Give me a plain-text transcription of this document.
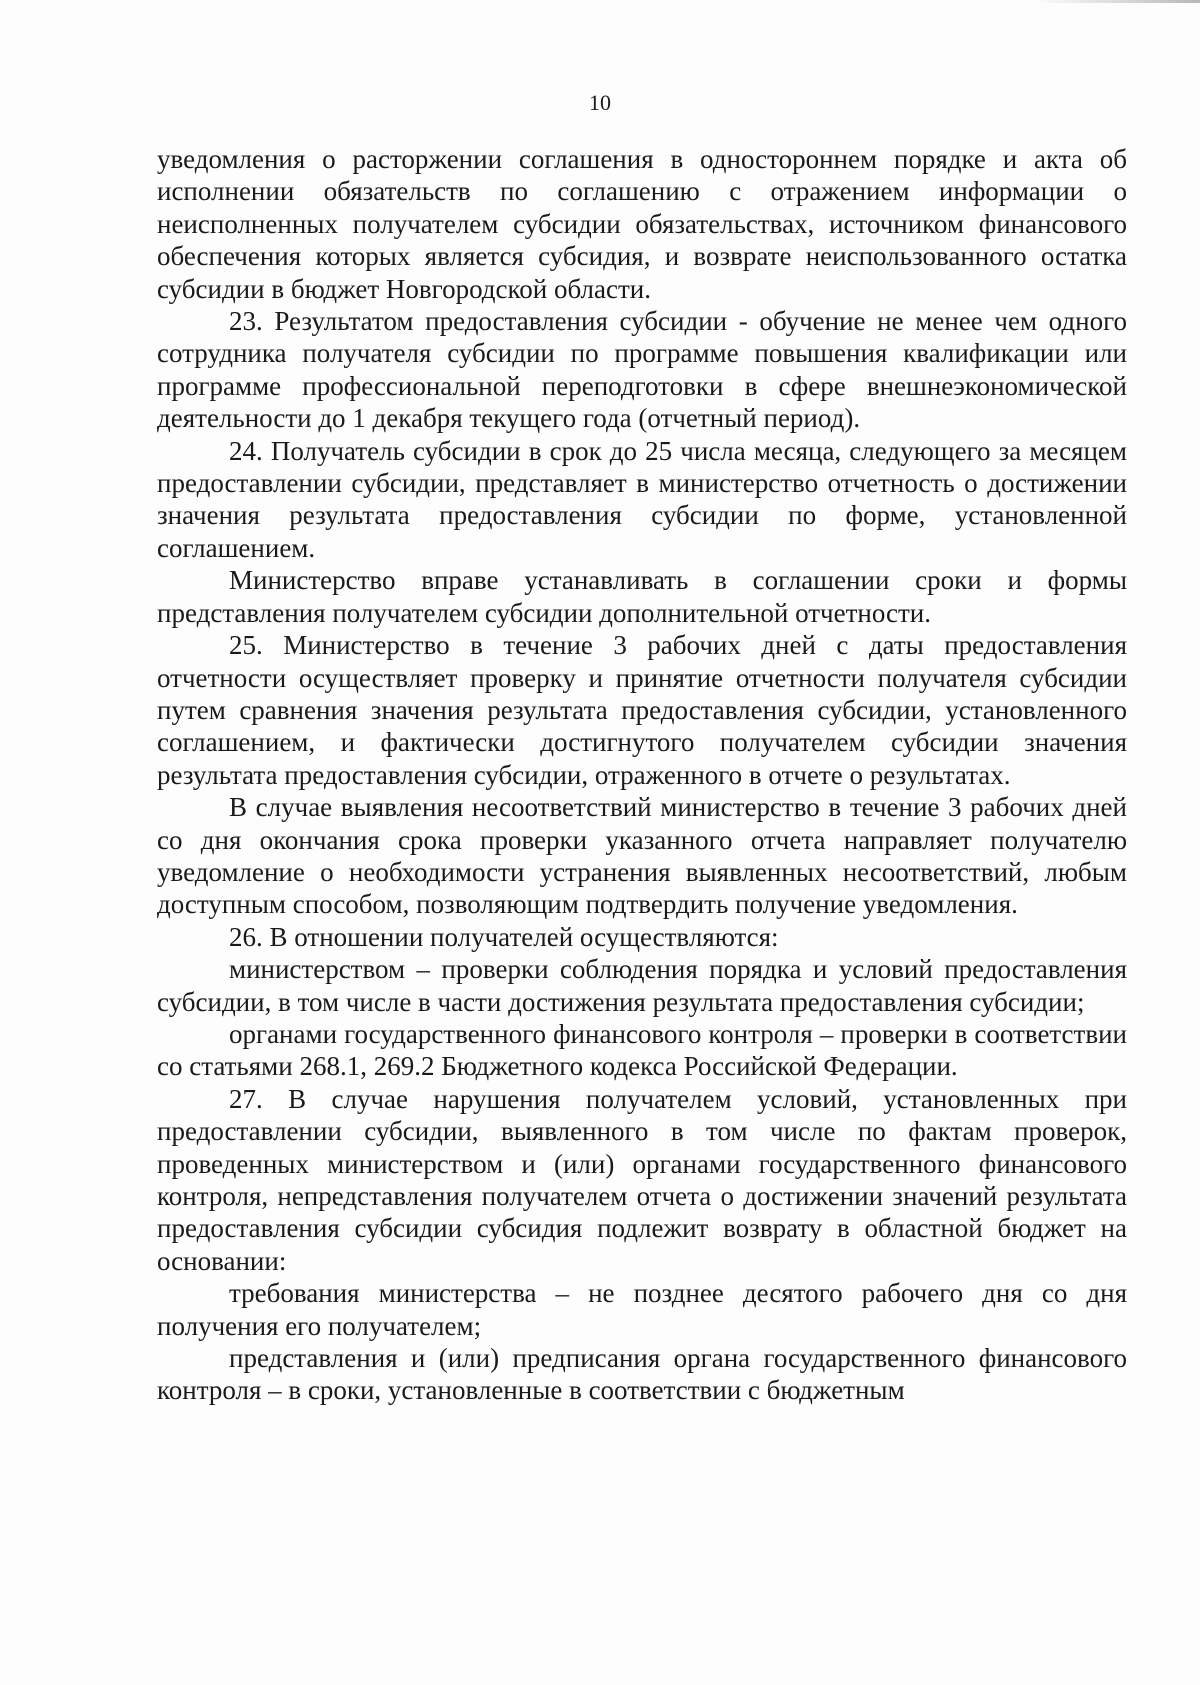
10

уведомления о расторжении соглашения в одностороннем порядке и акта об исполнении обязательств по соглашению с отражением информации о неисполненных получателем субсидии обязательствах, источником финансового обеспечения которых является субсидия, и возврате неиспользованного остатка субсидии в бюджет Новгородской области.

23. Результатом предоставления субсидии - обучение не менее чем одного сотрудника получателя субсидии по программе повышения квалификации или программе профессиональной переподготовки в сфере внешнеэкономической деятельности до 1 декабря текущего года (отчетный период).

24. Получатель субсидии в срок до 25 числа месяца, следующего за месяцем предоставлении субсидии, представляет в министерство отчетность о достижении значения результата предоставления субсидии по форме, установленной соглашением.

Министерство вправе устанавливать в соглашении сроки и формы представления получателем субсидии дополнительной отчетности.

25. Министерство в течение 3 рабочих дней с даты предоставления отчетности осуществляет проверку и принятие отчетности получателя субсидии путем сравнения значения результата предоставления субсидии, установленного соглашением, и фактически достигнутого получателем субсидии значения результата предоставления субсидии, отраженного в отчете о результатах.

В случае выявления несоответствий министерство в течение 3 рабочих дней со дня окончания срока проверки указанного отчета направляет получателю уведомление о необходимости устранения выявленных несоответствий, любым доступным способом, позволяющим подтвердить получение уведомления.

26. В отношении получателей осуществляются:

министерством – проверки соблюдения порядка и условий предоставления субсидии, в том числе в части достижения результата предоставления субсидии;

органами государственного финансового контроля – проверки в соответствии со статьями 268.1, 269.2 Бюджетного кодекса Российской Федерации.

27. В случае нарушения получателем условий, установленных при предоставлении субсидии, выявленного в том числе по фактам проверок, проведенных министерством и (или) органами государственного финансового контроля, непредставления получателем отчета о достижении значений результата предоставления субсидии субсидия подлежит возврату в областной бюджет на основании:

требования министерства – не позднее десятого рабочего дня со дня получения его получателем;

представления и (или) предписания органа государственного финансового контроля – в сроки, установленные в соответствии с бюджетным
